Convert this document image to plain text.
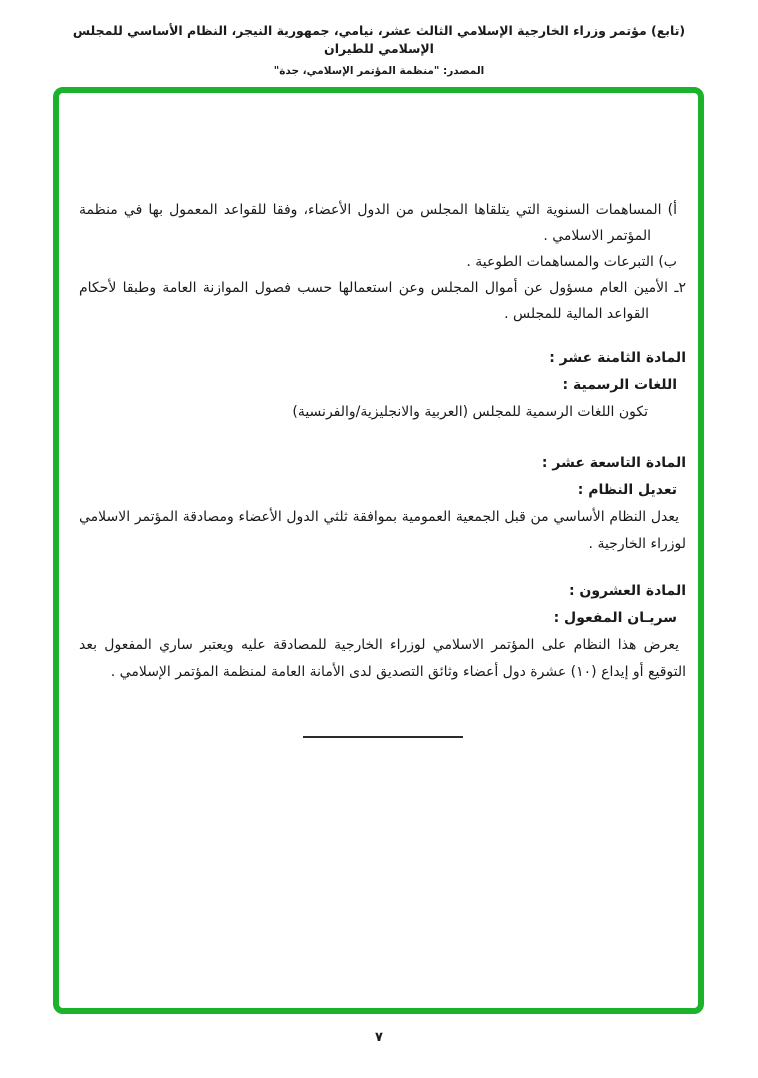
(تابع) مؤتمر وزراء الخارجية الإسلامي الثالث عشر، نيامي، جمهورية النيجر، النظام الأساسي للمجلس الإسلامي للطيران
المصدر: "منظمة المؤتمر الإسلامي، جدة"

أ) المساهمات السنوية التي يتلقاها المجلس من الدول الأعضاء، وفقا للقواعد المعمول بها في منظمة المؤتمر الاسلامي .

ب) التبرعات والمساهمات الطوعية .

٢ـ الأمين العام مسؤول عن أموال المجلس وعن استعمالها حسب فصول الموازنة العامة وطبقا لأحكام القواعد المالية للمجلس .

المادة الثامنة عشر :
اللغات الرسمية :

تكون اللغات الرسمية للمجلس (العربية والانجليزية/والفرنسية)

المادة التاسعة عشر :
تعديل النظام :

يعدل النظام الأساسي من قبل الجمعية العمومية بموافقة ثلثي الدول الأعضاء ومصادقة المؤتمر الاسلامي لوزراء الخارجية .

المادة العشرون :
سريـان المفعول :

يعرض هذا النظام على المؤتمر الاسلامي لوزراء الخارجية للمصادقة عليه ويعتبر ساري المفعول بعد التوقيع أو إيداع (١٠) عشرة دول أعضاء وثائق التصديق لدى الأمانة العامة لمنظمة المؤتمر الإسلامي .

٧
